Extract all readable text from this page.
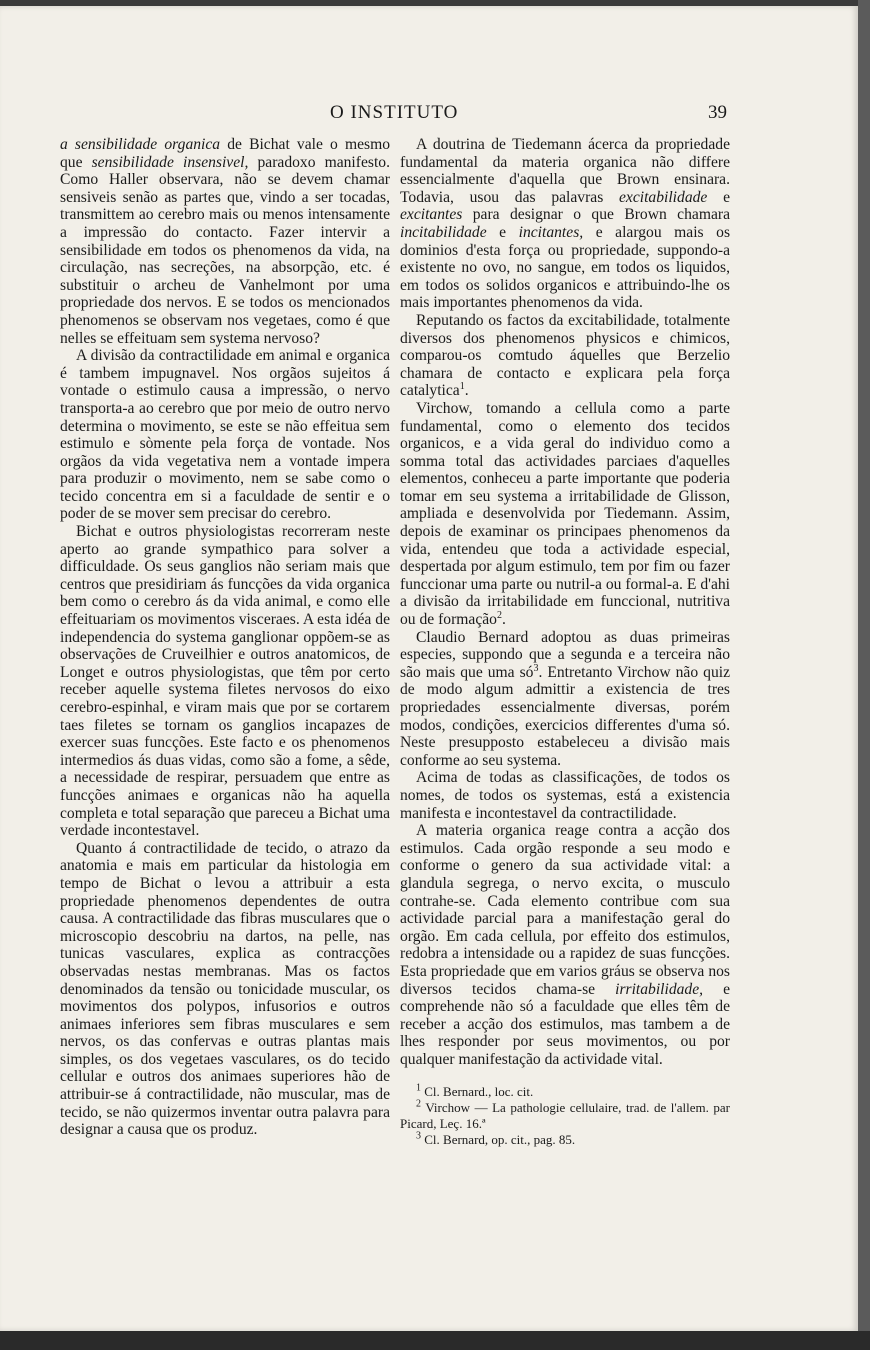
O INSTITUTO	39

a sensibilidade organica de Bichat vale o mesmo que sensibilidade insensivel, paradoxo manifesto. Como Haller observara, não se devem chamar sensiveis senão as partes que, vindo a ser tocadas, transmittem ao cerebro mais ou menos intensamente a impressão do contacto. Fazer intervir a sensibilidade em todos os phenomenos da vida, na circulação, nas secreções, na absorpção, etc. é substituir o archeu de Vanhelmont por uma propriedade dos nervos. E se todos os mencionados phenomenos se observam nos vegetaes, como é que nelles se effeituam sem systema nervoso?

A divisão da contractilidade em animal e organica é tambem impugnavel. Nos orgãos sujeitos á vontade o estimulo causa a impressão, o nervo transporta-a ao cerebro que por meio de outro nervo determina o movimento, se este se não effeitua sem estimulo e sòmente pela força de vontade. Nos orgãos da vida vegetativa nem a vontade impera para produzir o movimento, nem se sabe como o tecido concentra em si a faculdade de sentir e o poder de se mover sem precisar do cerebro.

Bichat e outros physiologistas recorreram neste aperto ao grande sympathico para solver a difficuldade. Os seus ganglios não seriam mais que centros que presidiriam ás funcções da vida organica bem como o cerebro ás da vida animal, e como elle effeituariam os movimentos visceraes. A esta idéa de independencia do systema ganglionar oppõem-se as observações de Cruveilhier e outros anatomicos, de Longet e outros physiologistas, que têm por certo receber aquelle systema filetes nervosos do eixo cerebro-espinhal, e viram mais que por se cortarem taes filetes se tornam os ganglios incapazes de exercer suas funcções. Este facto e os phenomenos intermedios ás duas vidas, como são a fome, a sêde, a necessidade de respirar, persuadem que entre as funcções animaes e organicas não ha aquella completa e total separação que pareceu a Bichat uma verdade incontestavel.

Quanto á contractilidade de tecido, o atrazo da anatomia e mais em particular da histologia em tempo de Bichat o levou a attribuir a esta propriedade phenomenos dependentes de outra causa. A contractilidade das fibras musculares que o microscopio descobriu na dartos, na pelle, nas tunicas vasculares, explica as contracções observadas nestas membranas. Mas os factos denominados da tensão ou tonicidade muscular, os movimentos dos polypos, infusorios e outros animaes inferiores sem fibras musculares e sem nervos, os das confervas e outras plantas mais simples, os dos vegetaes vasculares, os do tecido cellular e outros dos animaes superiores hão de attribuir-se á contractilidade, não muscular, mas de tecido, se não quizermos inventar outra palavra para designar a causa que os produz.

A doutrina de Tiedemann ácerca da propriedade fundamental da materia organica não differe essencialmente d'aquella que Brown ensinara. Todavia, usou das palavras excitabilidade e excitantes para designar o que Brown chamara incitabilidade e incitantes, e alargou mais os dominios d'esta força ou propriedade, suppondo-a existente no ovo, no sangue, em todos os liquidos, em todos os solidos organicos e attribuindo-lhe os mais importantes phenomenos da vida.

Reputando os factos da excitabilidade, totalmente diversos dos phenomenos physicos e chimicos, comparou-os comtudo áquelles que Berzelio chamara de contacto e explicara pela força catalytica$^1$.

Virchow, tomando a cellula como a parte fundamental, como o elemento dos tecidos organicos, e a vida geral do individuo como a somma total das actividades parciaes d'aquelles elementos, conheceu a parte importante que poderia tomar em seu systema a irritabilidade de Glisson, ampliada e desenvolvida por Tiedemann. Assim, depois de examinar os principaes phenomenos da vida, entendeu que toda a actividade especial, despertada por algum estimulo, tem por fim ou fazer funccionar uma parte ou nutril-a ou formal-a. E d'ahi a divisão da irritabilidade em funccional, nutritiva ou de formação$^2$.

Claudio Bernard adoptou as duas primeiras especies, suppondo que a segunda e a terceira não são mais que uma $só^3$. Entretanto Virchow não quiz de modo algum admittir a existencia de tres propriedades essencialmente diversas, porém modos, condições, exercicios differentes d'uma só. Neste presupposto estabeleceu a divisão mais conforme ao seu systema.

Acima de todas as classificações, de todos os nomes, de todos os systemas, está a existencia manifesta e incontestavel da contractilidade.

A materia organica reage contra a acção dos estimulos. Cada orgão responde a seu modo e conforme o genero da sua actividade vital: a glandula segrega, o nervo excita, o musculo contrahe-se. Cada elemento contribue com sua actividade parcial para a manifestação geral do orgão. Em cada cellula, por effeito dos estimulos, redobra a intensidade ou a rapidez de suas funcções. Esta propriedade que em varios gráus se observa nos diversos tecidos chama-se irritabilidade, e comprehende não só a faculdade que elles têm de receber a acção dos estimulos, mas tambem a de lhes responder por seus movimentos, ou por qualquer manifestação da actividade vital.

$^1$ Cl. Bernard., loc. cit.
$^2$ Virchow — La pathologie cellulaire, trad. de l'allem. par Picard, Leç. 16.ª
$^3$ Cl. Bernard, op. cit., pag. 85.
